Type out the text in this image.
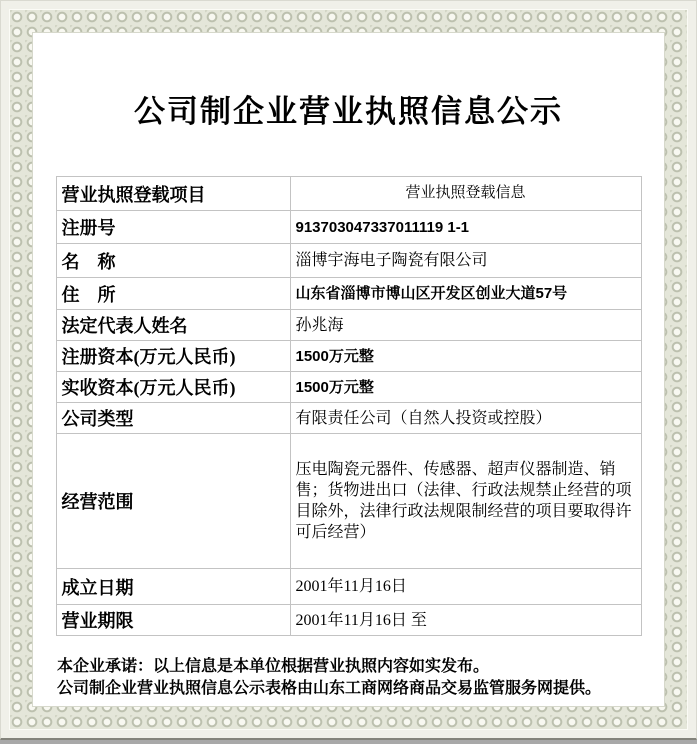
公司制企业营业执照信息公示
营业执照登载项目	营业执照登载信息
注册号	913703047337011119 1-1
名　称	淄博宇海电子陶瓷有限公司
住　所	山东省淄博市博山区开发区创业大道57号
法定代表人姓名	孙兆海
注册资本(万元人民币)	1500万元整
实收资本(万元人民币)	1500万元整
公司类型	有限责任公司（自然人投资或控股）
经营范围	压电陶瓷元器件、传感器、超声仪器制造、销售；货物进出口（法律、行政法规禁止经营的项目除外，法律行政法规限制经营的项目要取得许可后经营）
成立日期	2001年11月16日
营业期限	2001年11月16日 至
本企业承诺：以上信息是本单位根据营业执照内容如实发布。
公司制企业营业执照信息公示表格由山东工商网络商品交易监管服务网提供。
